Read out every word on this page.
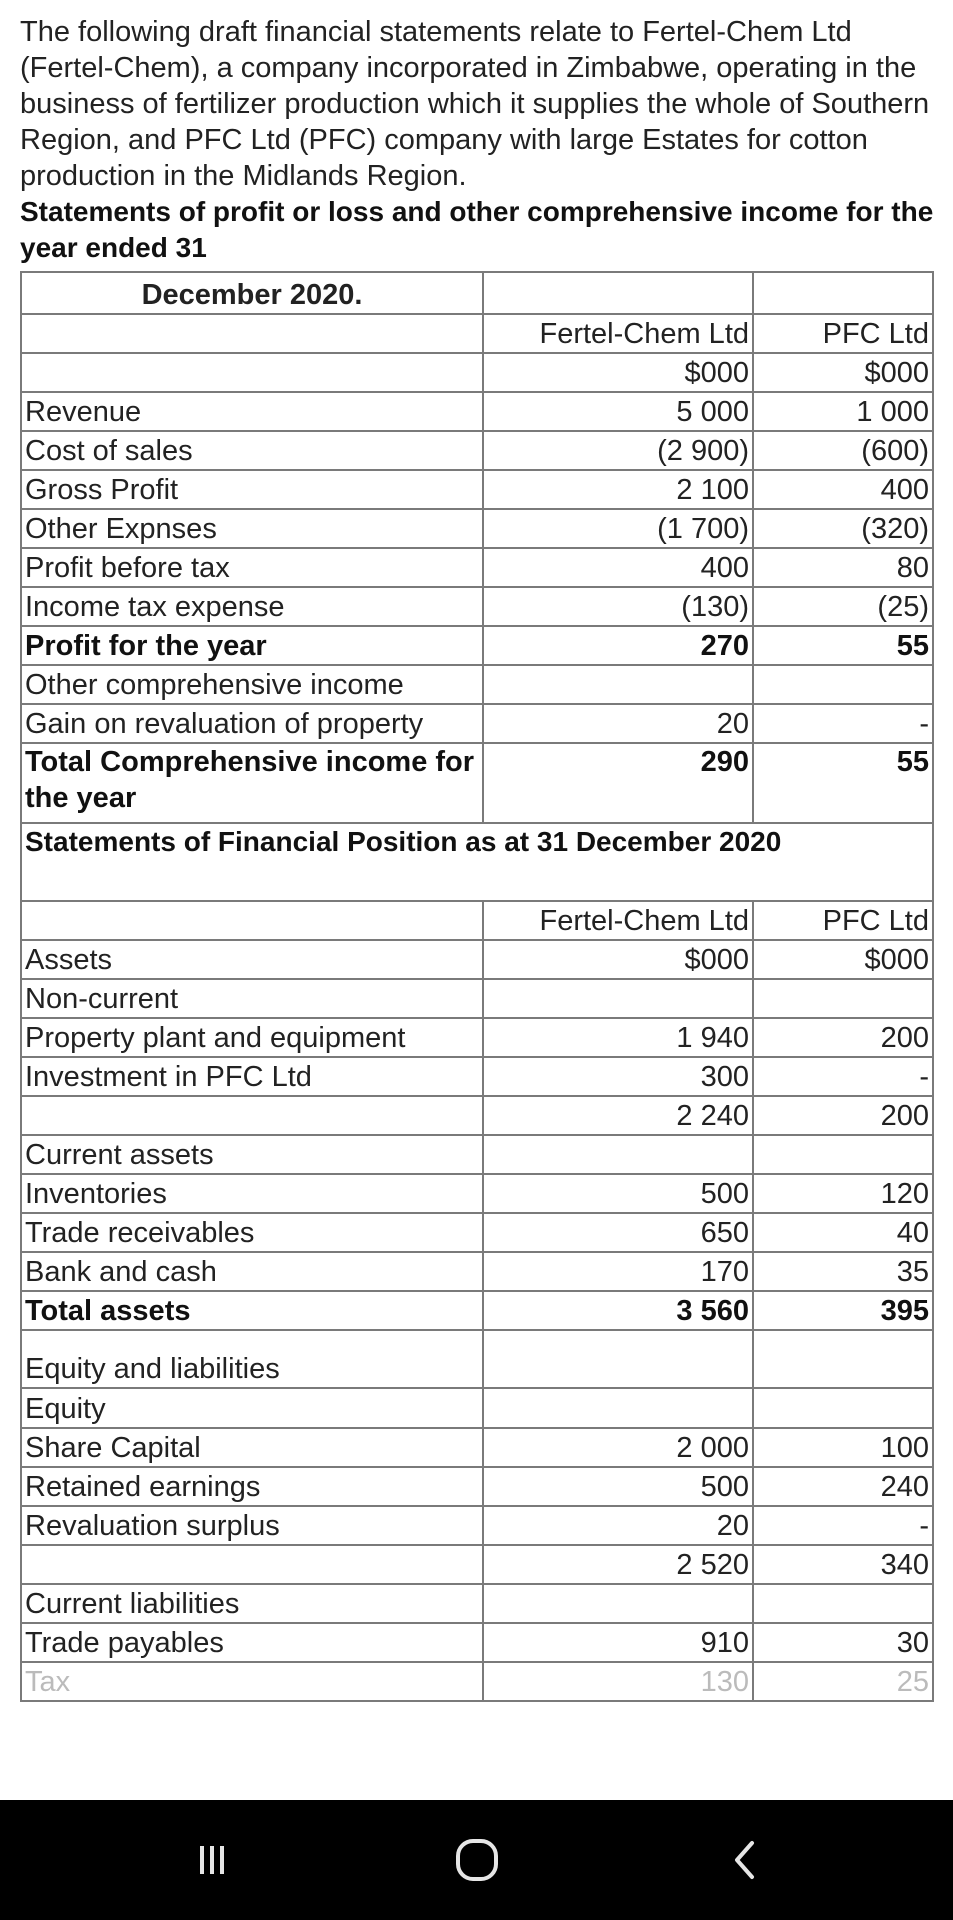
The following draft financial statements relate to Fertel-Chem Ltd (Fertel-Chem), a company incorporated in Zimbabwe, operating in the business of fertilizer production which it supplies the whole of Southern Region, and PFC Ltd (PFC) company with large Estates for cotton production in the Midlands Region.
Statements of profit or loss and other comprehensive income for the year ended 31
December 2020.		
	Fertel-Chem Ltd	PFC Ltd
	$000	$000
Revenue	5 000	1 000
Cost of sales	(2 900)	(600)
Gross Profit	2 100	400
Other Expnses	(1 700)	(320)
Profit before tax	400	80
Income tax expense	(130)	(25)
Profit for the year	270	55
Other comprehensive income		
Gain on revaluation of property	20	-
Total Comprehensive income for the year	290	55
Statements of Financial Position as at 31 December 2020		
	Fertel-Chem Ltd	PFC Ltd
Assets	$000	$000
Non-current		
Property plant and equipment	1 940	200
Investment in PFC Ltd	300	-
	2 240	200
Current assets		
Inventories	500	120
Trade receivables	650	40
Bank and cash	170	35
Total assets	3 560	395
Equity and liabilities		
Equity		
Share Capital	2 000	100
Retained earnings	500	240
Revaluation surplus	20	-
	2 520	340
Current liabilities		
Trade payables	910	30
Tax	130	25
